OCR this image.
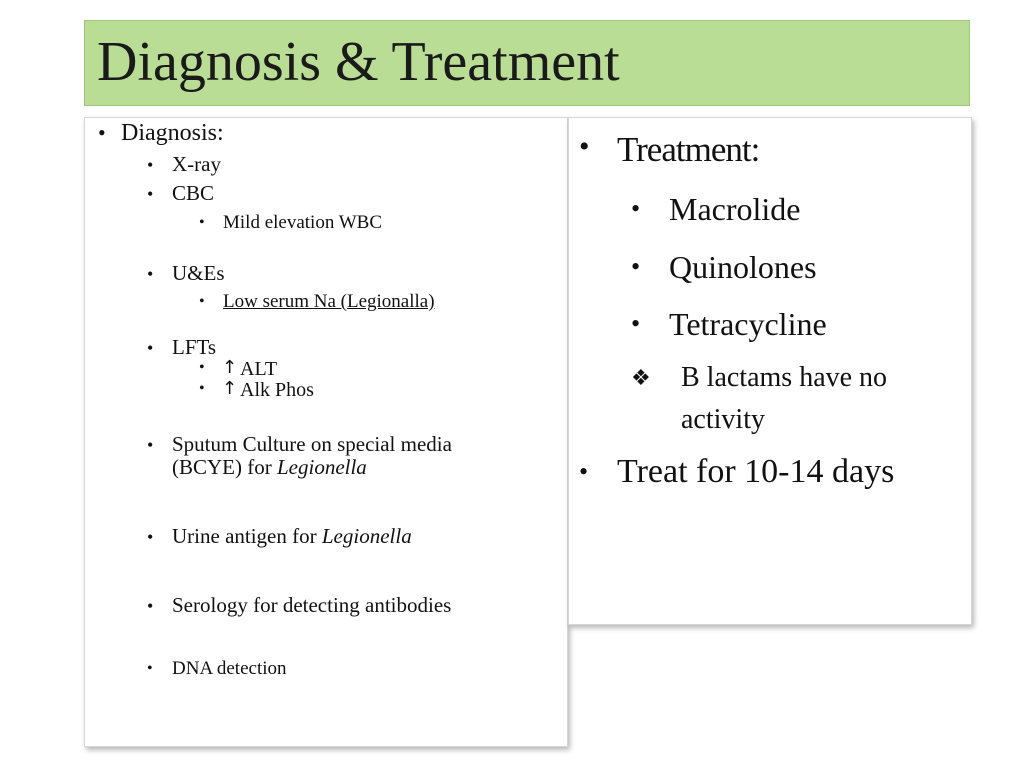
Diagnosis & Treatment
• Diagnosis:
• X-ray
• CBC
• Mild elevation WBC
• U&Es
• Low serum Na (Legionalla)
• LFTs
• ↑ ALT
• ↑ Alk Phos
• Sputum Culture on special media
(BCYE) for Legionella
• Urine antigen for Legionella
• Serology for detecting antibodies
• DNA detection
• Treatment:
• Macrolide
• Quinolones
• Tetracycline
❖ B lactams have no
activity
• Treat for 10-14 days
